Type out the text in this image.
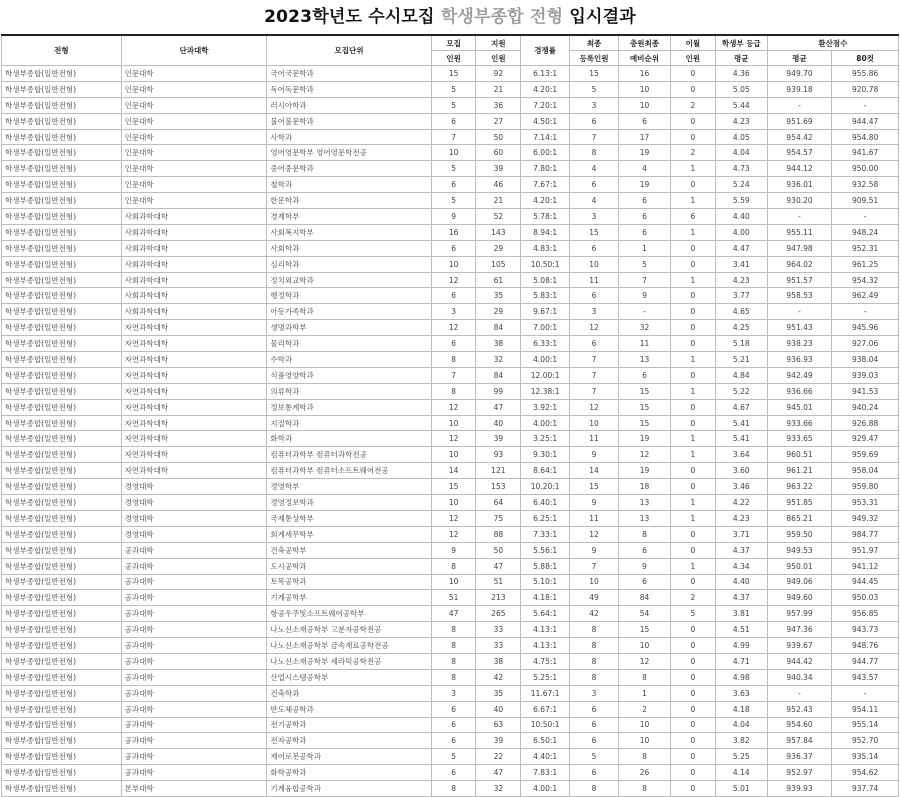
2023학년도 수시모집 학생부종합 전형 입시결과
전형	단과대학	모집단위	모집	지원	경쟁률	최종	충원최종	이월	학생부 등급	환산점수	
			인원	인원		등록인원	예비순위	인원	평균	평균	80컷
학생부종합(일반전형)	인문대학	국어국문학과	15	92	6.13:1	15	16	0	4.36	949.70	955.86
학생부종합(일반전형)	인문대학	독어독문학과	5	21	4.20:1	5	10	0	5.05	939.18	920.78
학생부종합(일반전형)	인문대학	러시아학과	5	36	7.20:1	3	10	2	5.44	-	-
학생부종합(일반전형)	인문대학	불어불문학과	6	27	4.50:1	6	6	0	4.23	951.69	944.47
학생부종합(일반전형)	인문대학	사학과	7	50	7.14:1	7	17	0	4.05	954.42	954.80
학생부종합(일반전형)	인문대학	영어영문학부 영어영문학전공	10	60	6.00:1	8	19	2	4.04	954.57	941.67
학생부종합(일반전형)	인문대학	중어중문학과	5	39	7.80:1	4	4	1	4.73	944.12	950.00
학생부종합(일반전형)	인문대학	철학과	6	46	7.67:1	6	19	0	5.24	936.01	932.58
학생부종합(일반전형)	인문대학	한문학과	5	21	4.20:1	4	6	1	5.59	930.20	909.51
학생부종합(일반전형)	사회과학대학	경제학부	9	52	5.78:1	3	6	6	4.40	-	-
학생부종합(일반전형)	사회과학대학	사회복지학부	16	143	8.94:1	15	6	1	4.00	955.11	948.24
학생부종합(일반전형)	사회과학대학	사회학과	6	29	4.83:1	6	1	0	4.47	947.98	952.31
학생부종합(일반전형)	사회과학대학	심리학과	10	105	10.50:1	10	5	0	3.41	964.02	961.25
학생부종합(일반전형)	사회과학대학	정치외교학과	12	61	5.08:1	11	7	1	4.23	951.57	954.32
학생부종합(일반전형)	사회과학대학	행정학과	6	35	5.83:1	6	9	0	3.77	958.53	962.49
학생부종합(일반전형)	사회과학대학	아동가족학과	3	29	9.67:1	3	-	0	4.65	-	-
학생부종합(일반전형)	자연과학대학	생명과학부	12	84	7.00:1	12	32	0	4.25	951.43	945.96
학생부종합(일반전형)	자연과학대학	물리학과	6	38	6.33:1	6	11	0	5.18	938.23	927.06
학생부종합(일반전형)	자연과학대학	수학과	8	32	4.00:1	7	13	1	5.21	936.93	938.04
학생부종합(일반전형)	자연과학대학	식품영양학과	7	84	12.00:1	7	6	0	4.84	942.49	939.03
학생부종합(일반전형)	자연과학대학	의류학과	8	99	12.38:1	7	15	1	5.22	936.66	941.53
학생부종합(일반전형)	자연과학대학	정보통계학과	12	47	3.92:1	12	15	0	4.67	945.01	940.24
학생부종합(일반전형)	자연과학대학	지질학과	10	40	4.00:1	10	15	0	5.41	933.66	926.88
학생부종합(일반전형)	자연과학대학	화학과	12	39	3.25:1	11	19	1	5.41	933.65	929.47
학생부종합(일반전형)	자연과학대학	컴퓨터과학부 컴퓨터과학전공	10	93	9.30:1	9	12	1	3.64	960.51	959.69
학생부종합(일반전형)	자연과학대학	컴퓨터과학부 컴퓨터소프트웨어전공	14	121	8.64:1	14	19	0	3.60	961.21	958.04
학생부종합(일반전형)	경영대학	경영학부	15	153	10.20:1	15	18	0	3.46	963.22	959.80
학생부종합(일반전형)	경영대학	경영정보학과	10	64	6.40:1	9	13	1	4.22	951.85	953.31
학생부종합(일반전형)	경영대학	국제통상학부	12	75	6.25:1	11	13	1	4.23	865.21	949.32
학생부종합(일반전형)	경영대학	회계세무학부	12	88	7.33:1	12	8	0	3.71	959.50	984.77
학생부종합(일반전형)	공과대학	건축공학부	9	50	5.56:1	9	6	0	4.37	949.53	951.97
학생부종합(일반전형)	공과대학	도시공학과	8	47	5.88:1	7	9	1	4.34	950.01	941.12
학생부종합(일반전형)	공과대학	토목공학과	10	51	5.10:1	10	6	0	4.40	949.06	944.45
학생부종합(일반전형)	공과대학	기계공학부	51	213	4.18:1	49	84	2	4.37	949.60	950.03
학생부종합(일반전형)	공과대학	항공우주및소프트웨어공학부	47	265	5.64:1	42	54	5	3.81	957.99	956.85
학생부종합(일반전형)	공과대학	나노신소재공학부 고분자공학전공	8	33	4.13:1	8	15	0	4.51	947.36	943.73
학생부종합(일반전형)	공과대학	나노신소재공학부 금속재료공학전공	8	33	4.13:1	8	10	0	4.99	939.67	948.76
학생부종합(일반전형)	공과대학	나노신소재공학부 세라믹공학전공	8	38	4.75:1	8	12	0	4.71	944.42	944.77
학생부종합(일반전형)	공과대학	산업시스템공학부	8	42	5.25:1	8	8	0	4.98	940.34	943.57
학생부종합(일반전형)	공과대학	건축학과	3	35	11.67:1	3	1	0	3.63	-	-
학생부종합(일반전형)	공과대학	반도체공학과	6	40	6.67:1	6	2	0	4.18	952.43	954.11
학생부종합(일반전형)	공과대학	전기공학과	6	63	10.50:1	6	10	0	4.04	954.60	955.14
학생부종합(일반전형)	공과대학	전자공학과	6	39	6.50:1	6	10	0	3.82	957.84	952.70
학생부종합(일반전형)	공과대학	제어로봇공학과	5	22	4.40:1	5	8	0	5.25	936.37	935.14
학생부종합(일반전형)	공과대학	화학공학과	6	47	7.83:1	6	26	0	4.14	952.97	954.62
학생부종합(일반전형)	본부대학	기계융합공학과	8	32	4.00:1	8	8	0	5.01	939.93	937.74
